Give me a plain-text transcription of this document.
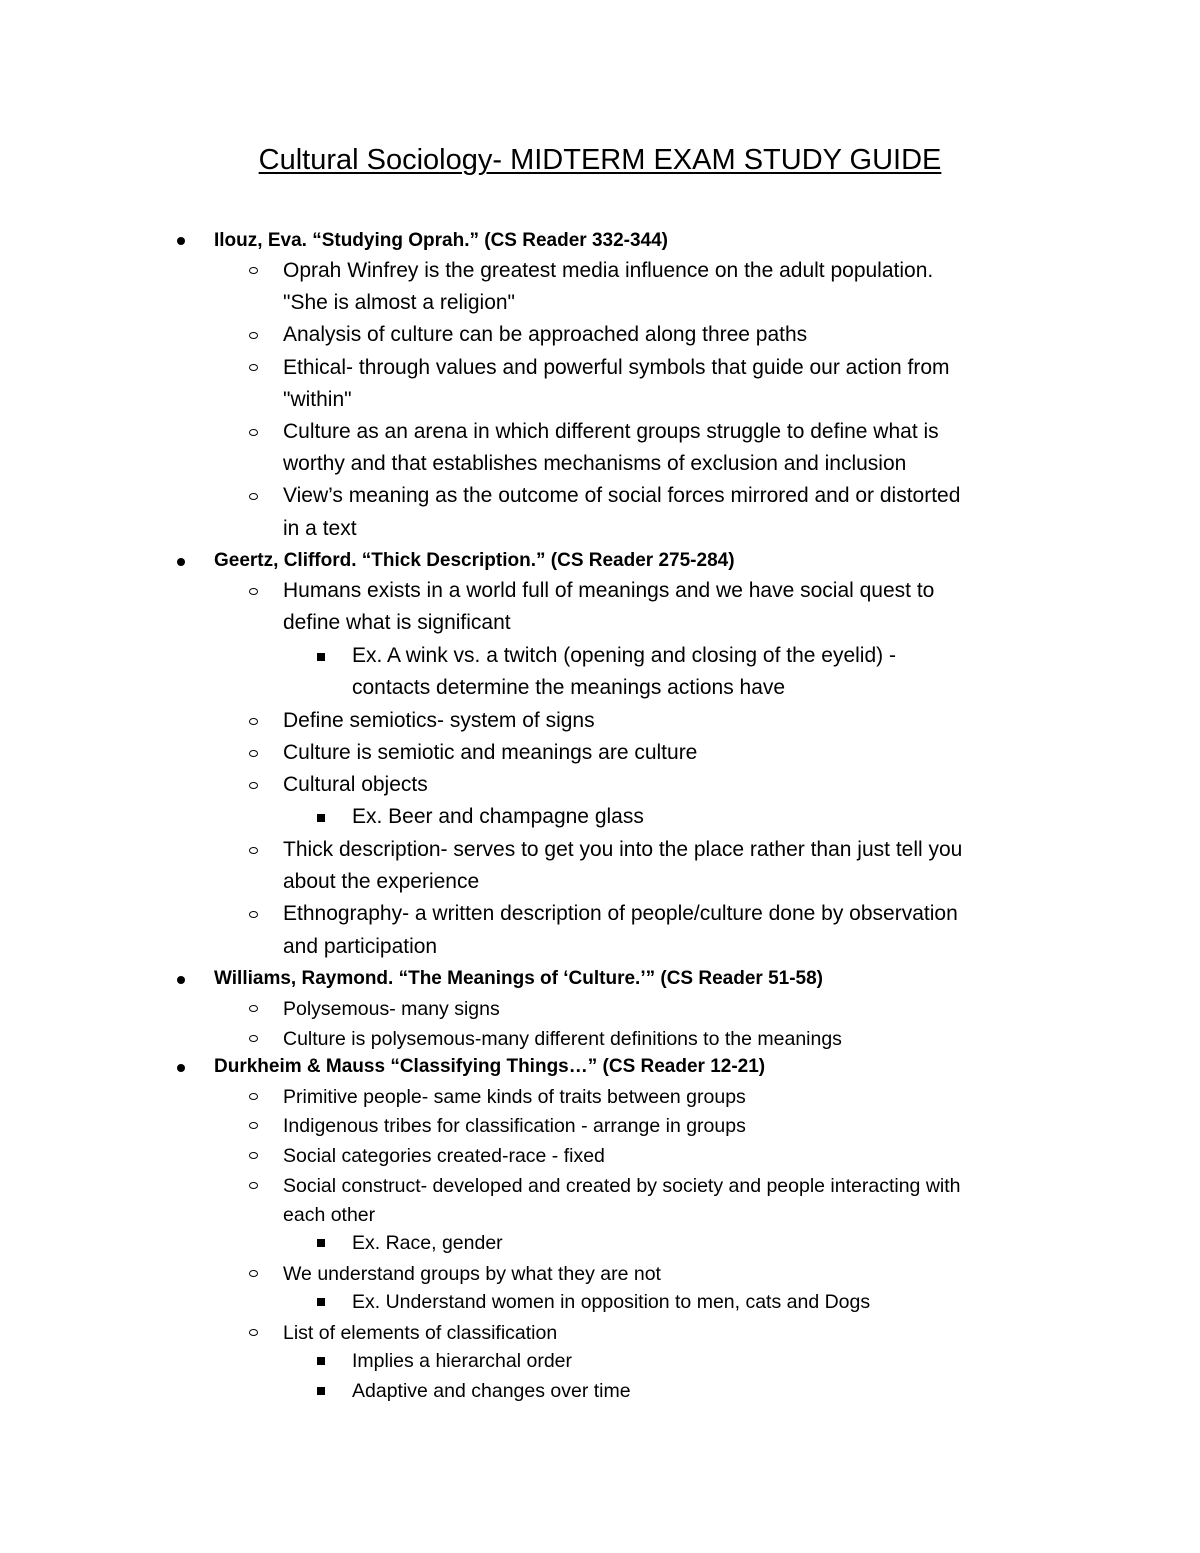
Cultural Sociology- MIDTERM EXAM STUDY GUIDE
Ilouz, Eva. “Studying Oprah.” (CS Reader 332-344)
Oprah Winfrey is the greatest media influence on the adult population.
"She is almost a religion"
Analysis of culture can be approached along three paths
Ethical- through values and powerful symbols that guide our action from
"within"
Culture as an arena in which different groups struggle to define what is
worthy and that establishes mechanisms of exclusion and inclusion
View’s meaning as the outcome of social forces mirrored and or distorted
in a text
Geertz, Clifford. “Thick Description.” (CS Reader 275-284)
Humans exists in a world full of meanings and we have social quest to
define what is significant
Ex. A wink vs. a twitch (opening and closing of the eyelid) -
contacts determine the meanings actions have
Define semiotics- system of signs
Culture is semiotic and meanings are culture
Cultural objects
Ex. Beer and champagne glass
Thick description- serves to get you into the place rather than just tell you
about the experience
Ethnography- a written description of people/culture done by observation
and participation
Williams, Raymond. “The Meanings of ‘Culture.’” (CS Reader 51-58)
Polysemous- many signs
Culture is polysemous-many different definitions to the meanings
Durkheim & Mauss “Classifying Things…” (CS Reader 12-21)
Primitive people- same kinds of traits between groups
Indigenous tribes for classification - arrange in groups
Social categories created-race - fixed
Social construct- developed and created by society and people interacting with
each other
Ex. Race, gender
We understand groups by what they are not
Ex. Understand women in opposition to men, cats and Dogs
List of elements of classification
Implies a hierarchal order
Adaptive and changes over time
